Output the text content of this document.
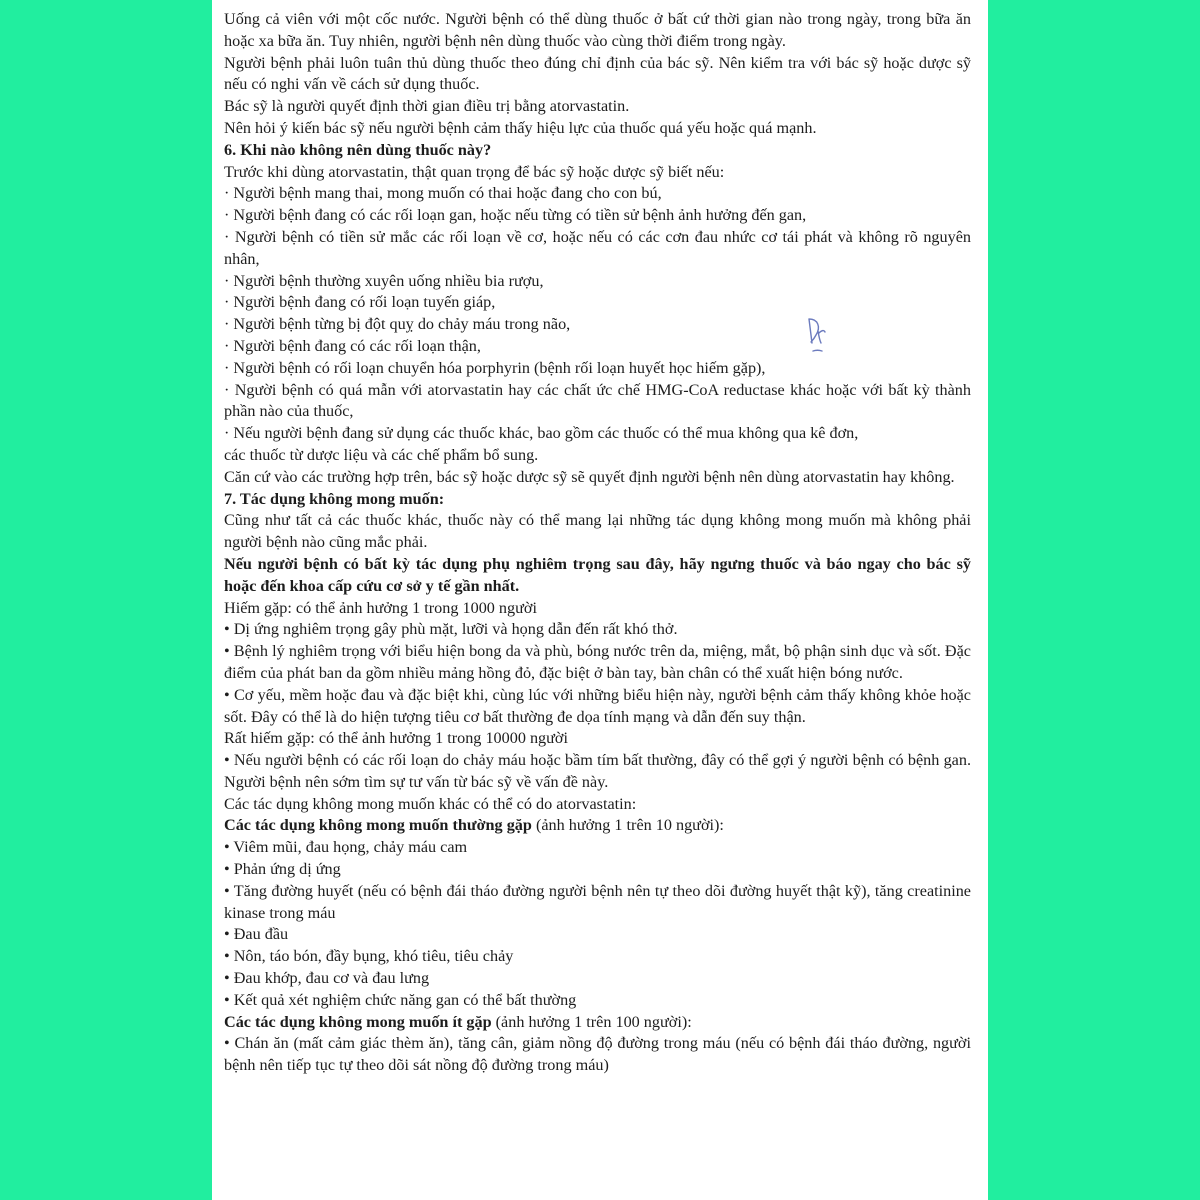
Uống cả viên với một cốc nước. Người bệnh có thể dùng thuốc ở bất cứ thời gian nào trong ngày, trong bữa ăn hoặc xa bữa ăn. Tuy nhiên, người bệnh nên dùng thuốc vào cùng thời điểm trong ngày.

Người bệnh phải luôn tuân thủ dùng thuốc theo đúng chỉ định của bác sỹ. Nên kiểm tra với bác sỹ hoặc dược sỹ nếu có nghi vấn về cách sử dụng thuốc.

Bác sỹ là người quyết định thời gian điều trị bằng atorvastatin.

Nên hỏi ý kiến bác sỹ nếu người bệnh cảm thấy hiệu lực của thuốc quá yếu hoặc quá mạnh.

6. Khi nào không nên dùng thuốc này?

Trước khi dùng atorvastatin, thật quan trọng để bác sỹ hoặc dược sỹ biết nếu:

· Người bệnh mang thai, mong muốn có thai hoặc đang cho con bú,

· Người bệnh đang có các rối loạn gan, hoặc nếu từng có tiền sử bệnh ảnh hưởng đến gan,

· Người bệnh có tiền sử mắc các rối loạn về cơ, hoặc nếu có các cơn đau nhức cơ tái phát và không rõ nguyên nhân,

· Người bệnh thường xuyên uống nhiều bia rượu,

· Người bệnh đang có rối loạn tuyến giáp,

· Người bệnh từng bị đột quỵ do chảy máu trong não,

· Người bệnh đang có các rối loạn thận,

· Người bệnh có rối loạn chuyển hóa porphyrin (bệnh rối loạn huyết học hiếm gặp),

· Người bệnh có quá mẫn với atorvastatin hay các chất ức chế HMG-CoA reductase khác hoặc với bất kỳ thành phần nào của thuốc,

· Nếu người bệnh đang sử dụng các thuốc khác, bao gồm các thuốc có thể mua không qua kê đơn,

các thuốc từ dược liệu và các chế phẩm bổ sung.

Căn cứ vào các trường hợp trên, bác sỹ hoặc dược sỹ sẽ quyết định người bệnh nên dùng atorvastatin hay không.

7. Tác dụng không mong muốn:

Cũng như tất cả các thuốc khác, thuốc này có thể mang lại những tác dụng không mong muốn mà không phải người bệnh nào cũng mắc phải.

Nếu người bệnh có bất kỳ tác dụng phụ nghiêm trọng sau đây, hãy ngưng thuốc và báo ngay cho bác sỹ hoặc đến khoa cấp cứu cơ sở y tế gần nhất.

Hiếm gặp: có thể ảnh hưởng 1 trong 1000 người

• Dị ứng nghiêm trọng gây phù mặt, lưỡi và họng dẫn đến rất khó thở.

• Bệnh lý nghiêm trọng với biểu hiện bong da và phù, bóng nước trên da, miệng, mắt, bộ phận sinh dục và sốt. Đặc điểm của phát ban da gồm nhiều mảng hồng đỏ, đặc biệt ở bàn tay, bàn chân có thể xuất hiện bóng nước.

• Cơ yếu, mềm hoặc đau và đặc biệt khi, cùng lúc với những biểu hiện này, người bệnh cảm thấy không khỏe hoặc sốt. Đây có thể là do hiện tượng tiêu cơ bất thường đe dọa tính mạng và dẫn đến suy thận.

Rất hiếm gặp: có thể ảnh hưởng 1 trong 10000 người

• Nếu người bệnh có các rối loạn do chảy máu hoặc bầm tím bất thường, đây có thể gợi ý người bệnh có bệnh gan. Người bệnh nên sớm tìm sự tư vấn từ bác sỹ về vấn đề này.

Các tác dụng không mong muốn khác có thể có do atorvastatin:

Các tác dụng không mong muốn thường gặp (ảnh hưởng 1 trên 10 người):

• Viêm mũi, đau họng, chảy máu cam

• Phản ứng dị ứng

• Tăng đường huyết (nếu có bệnh đái tháo đường người bệnh nên tự theo dõi đường huyết thật kỹ), tăng creatinine kinase trong máu

• Đau đầu

• Nôn, táo bón, đầy bụng, khó tiêu, tiêu chảy

• Đau khớp, đau cơ và đau lưng

• Kết quả xét nghiệm chức năng gan có thể bất thường

Các tác dụng không mong muốn ít gặp (ảnh hưởng 1 trên 100 người):

• Chán ăn (mất cảm giác thèm ăn), tăng cân, giảm nồng độ đường trong máu (nếu có bệnh đái tháo đường, người bệnh nên tiếp tục tự theo dõi sát nồng độ đường trong máu)
